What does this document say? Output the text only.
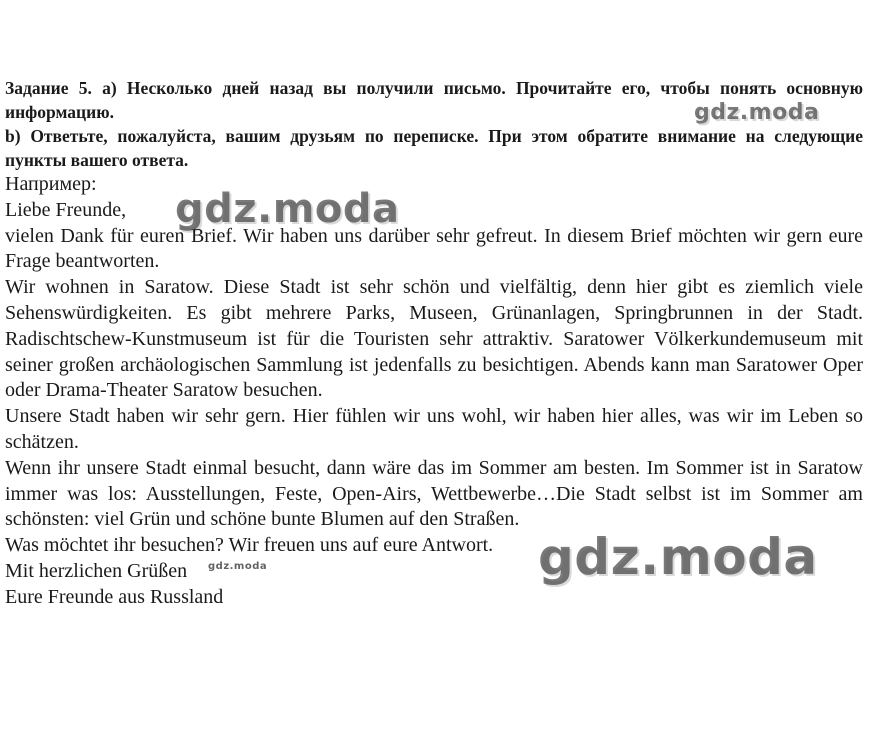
Задание 5. а) Несколько дней назад вы получили письмо. Прочитайте его, чтобы понять основную информацию.
b) Ответьте, пожалуйста, вашим друзьям по переписке. При этом обратите внимание на следующие пункты вашего ответа.

Например:

Liebe Freunde,

vielen Dank für euren Brief. Wir haben uns darüber sehr gefreut. In diesem Brief möchten wir gern eure Frage beantworten.

Wir wohnen in Saratow. Diese Stadt ist sehr schön und vielfältig, denn hier gibt es ziemlich viele Sehenswürdigkeiten. Es gibt mehrere Parks, Museen, Grünanlagen, Springbrunnen in der Stadt. Radischtschew-Kunstmuseum ist für die Touristen sehr attraktiv. Saratower Völkerkundemuseum mit seiner großen archäologischen Sammlung ist jedenfalls zu besichtigen. Abends kann man Saratower Oper oder Drama-Theater Saratow besuchen.

Unsere Stadt haben wir sehr gern. Hier fühlen wir uns wohl, wir haben hier alles, was wir im Leben so schätzen.

Wenn ihr unsere Stadt einmal besucht, dann wäre das im Sommer am besten. Im Sommer ist in Saratow immer was los: Ausstellungen, Feste, Open-Airs, Wettbewerbe…Die Stadt selbst ist im Sommer am schönsten: viel Grün und schöne bunte Blumen auf den Straßen.

Was möchtet ihr besuchen? Wir freuen uns auf eure Antwort.

Mit herzlichen Grüßen

Eure Freunde aus Russland

gdz.moda
gdz.moda
gdz.moda
gdz.moda
